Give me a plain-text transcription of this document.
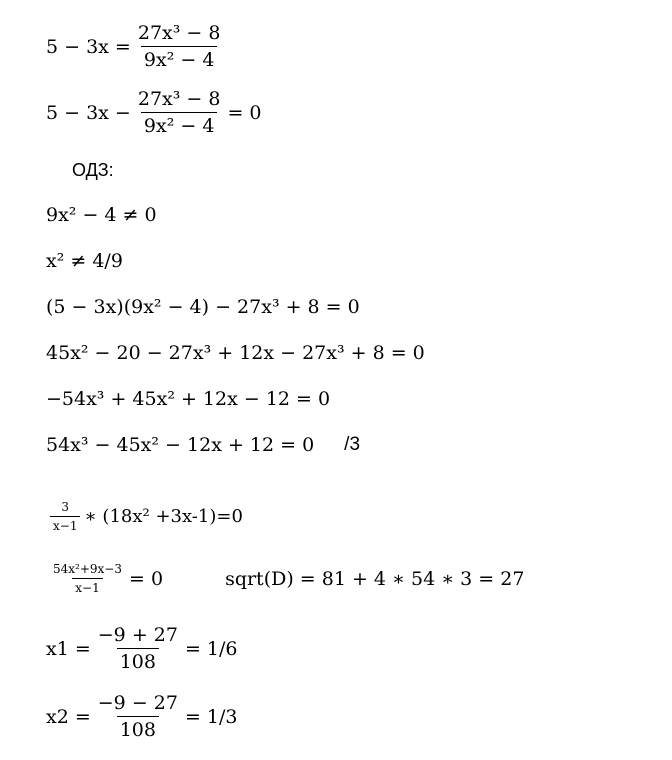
$5 - 3x = \frac{\text{27x³ − 8}}{\text{9x² − 4}}$
$5 - 3x - \frac{\text{27x³ − 8}}{\text{9x² − 4}} = 0$
ОДЗ:
9x² − 4 ≠ 0
x² ≠ 4/9
(5 − 3x)(9x² − 4) − 27x³ + 8 = 0
45x² − 20 − 27x³ + 12x − 27x³ + 8 = 0
−54x³ + 45x² + 12x − 12 = 0
54x³ − 45x² − 12x + 12 = 0 /3
$\frac{3}{x-1}$ ∗ (18x² +3x-1)=0
$\frac{\text{54x²+9x−3}}{x-1} = 0$	sqrt(D) = 81 + 4 ∗ 54 ∗ 3 = 27
$x1 = \frac{-9 + 27}{108} = 1/6$
$x2 = \frac{-9 - 27}{108} = 1/3$
